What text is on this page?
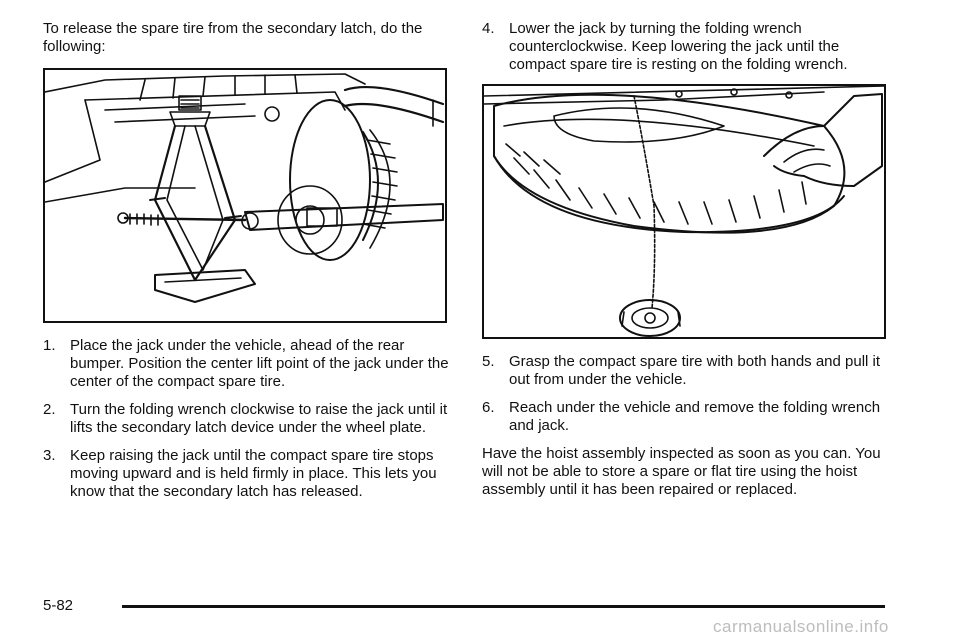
To release the spare tire from the secondary latch, do the following:

1. Place the jack under the vehicle, ahead of the rear bumper. Position the center lift point of the jack under the center of the compact spare tire.
2. Turn the folding wrench clockwise to raise the jack until it lifts the secondary latch device under the wheel plate.
3. Keep raising the jack until the compact spare tire stops moving upward and is held firmly in place. This lets you know that the secondary latch has released.
4. Lower the jack by turning the folding wrench counterclockwise. Keep lowering the jack until the compact spare tire is resting on the folding wrench.
5. Grasp the compact spare tire with both hands and pull it out from under the vehicle.
6. Reach under the vehicle and remove the folding wrench and jack.

Have the hoist assembly inspected as soon as you can. You will not be able to store a spare or flat tire using the hoist assembly until it has been repaired or replaced.

5-82
carmanualsonline.info
